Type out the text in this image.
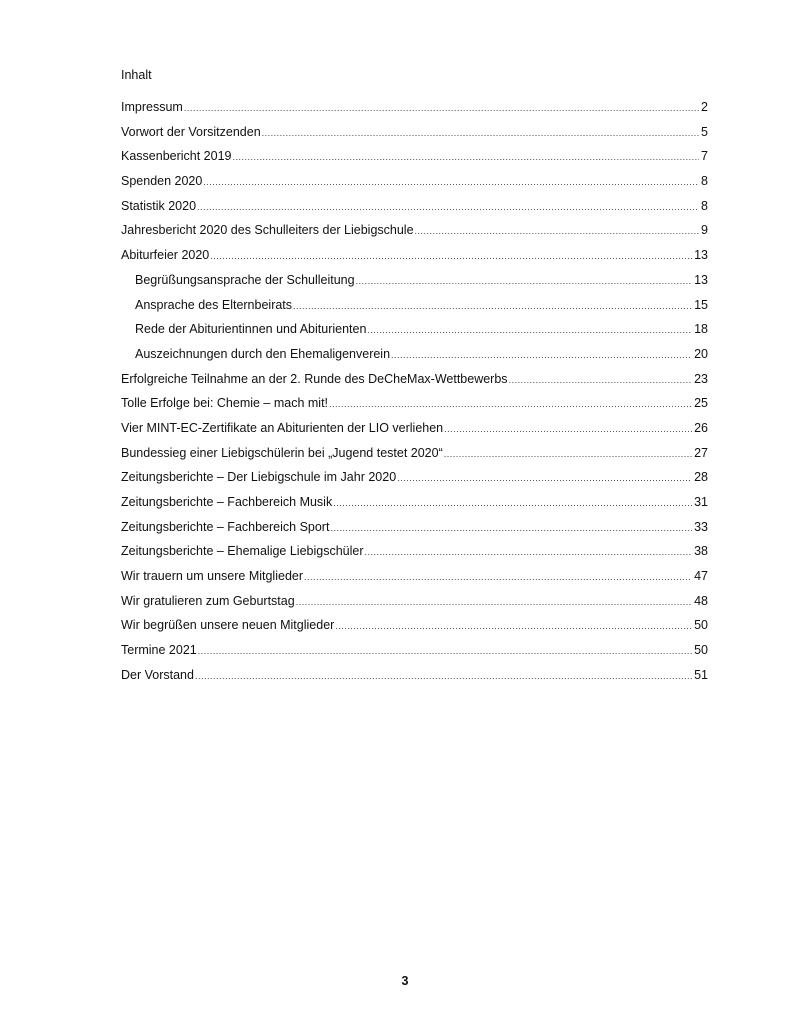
Inhalt
Impressum .....	2
Vorwort der Vorsitzenden .....	5
Kassenbericht 2019 .....	7
Spenden 2020 .....	8
Statistik 2020 .....	8
Jahresbericht 2020 des Schulleiters der Liebigschule .....	9
Abiturfeier 2020 .....	13
Begrüßungsansprache der Schulleitung .....	13
Ansprache des Elternbeirats .....	15
Rede der Abiturientinnen und Abiturienten .....	18
Auszeichnungen durch den Ehemaligenverein .....	20
Erfolgreiche Teilnahme an der 2. Runde des DeCheMax-Wettbewerbs .....	23
Tolle Erfolge bei: Chemie – mach mit! .....	25
Vier MINT-EC-Zertifikate an Abiturienten der LIO verliehen .....	26
Bundessieg einer Liebigschülerin bei „Jugend testet 2020“ .....	27
Zeitungsberichte – Der Liebigschule im Jahr 2020 .....	28
Zeitungsberichte – Fachbereich Musik .....	31
Zeitungsberichte – Fachbereich Sport .....	33
Zeitungsberichte – Ehemalige Liebigschüler .....	38
Wir trauern um unsere Mitglieder .....	47
Wir gratulieren zum Geburtstag .....	48
Wir begrüßen unsere neuen Mitglieder .....	50
Termine 2021 .....	50
Der Vorstand .....	51
3
